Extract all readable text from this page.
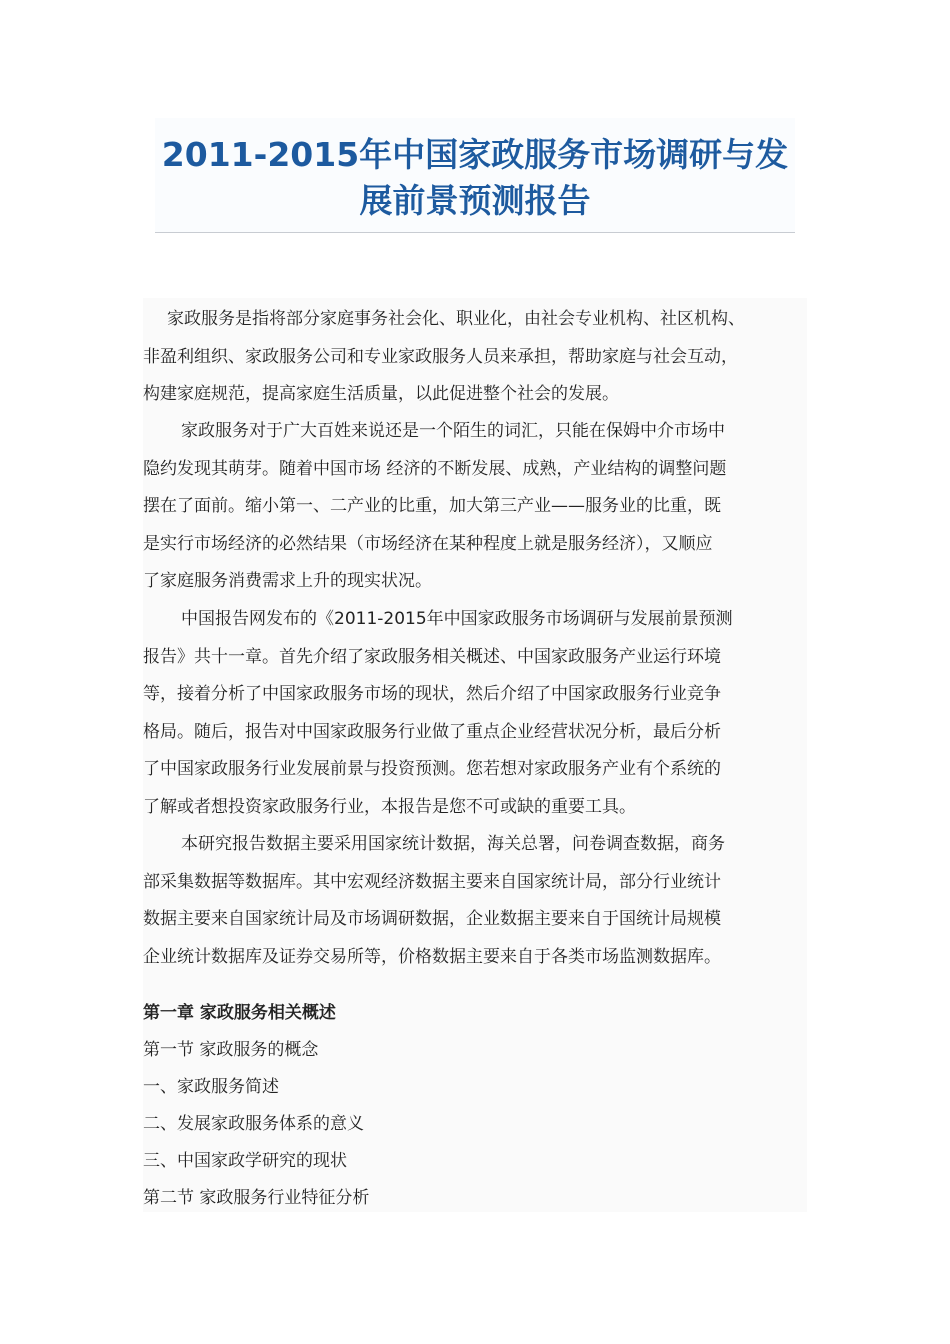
2011-2015年中国家政服务市场调研与发
展前景预测报告
家政服务是指将部分家庭事务社会化、职业化，由社会专业机构、社区机构、
非盈利组织、家政服务公司和专业家政服务人员来承担，帮助家庭与社会互动，
构建家庭规范，提高家庭生活质量，以此促进整个社会的发展。
家政服务对于广大百姓来说还是一个陌生的词汇，只能在保姆中介市场中
隐约发现其萌芽。随着中国市场 经济的不断发展、成熟，产业结构的调整问题
摆在了面前。缩小第一、二产业的比重，加大第三产业——服务业的比重，既
是实行市场经济的必然结果（市场经济在某种程度上就是服务经济），又顺应
了家庭服务消费需求上升的现实状况。
中国报告网发布的《2011-2015年中国家政服务市场调研与发展前景预测
报告》共十一章。首先介绍了家政服务相关概述、中国家政服务产业运行环境
等，接着分析了中国家政服务市场的现状，然后介绍了中国家政服务行业竞争
格局。随后，报告对中国家政服务行业做了重点企业经营状况分析，最后分析
了中国家政服务行业发展前景与投资预测。您若想对家政服务产业有个系统的
了解或者想投资家政服务行业，本报告是您不可或缺的重要工具。
本研究报告数据主要采用国家统计数据，海关总署，问卷调查数据，商务
部采集数据等数据库。其中宏观经济数据主要来自国家统计局，部分行业统计
数据主要来自国家统计局及市场调研数据，企业数据主要来自于国统计局规模
企业统计数据库及证券交易所等，价格数据主要来自于各类市场监测数据库。
第一章 家政服务相关概述
第一节 家政服务的概念
一、家政服务简述
二、发展家政服务体系的意义
三、中国家政学研究的现状
第二节 家政服务行业特征分析
